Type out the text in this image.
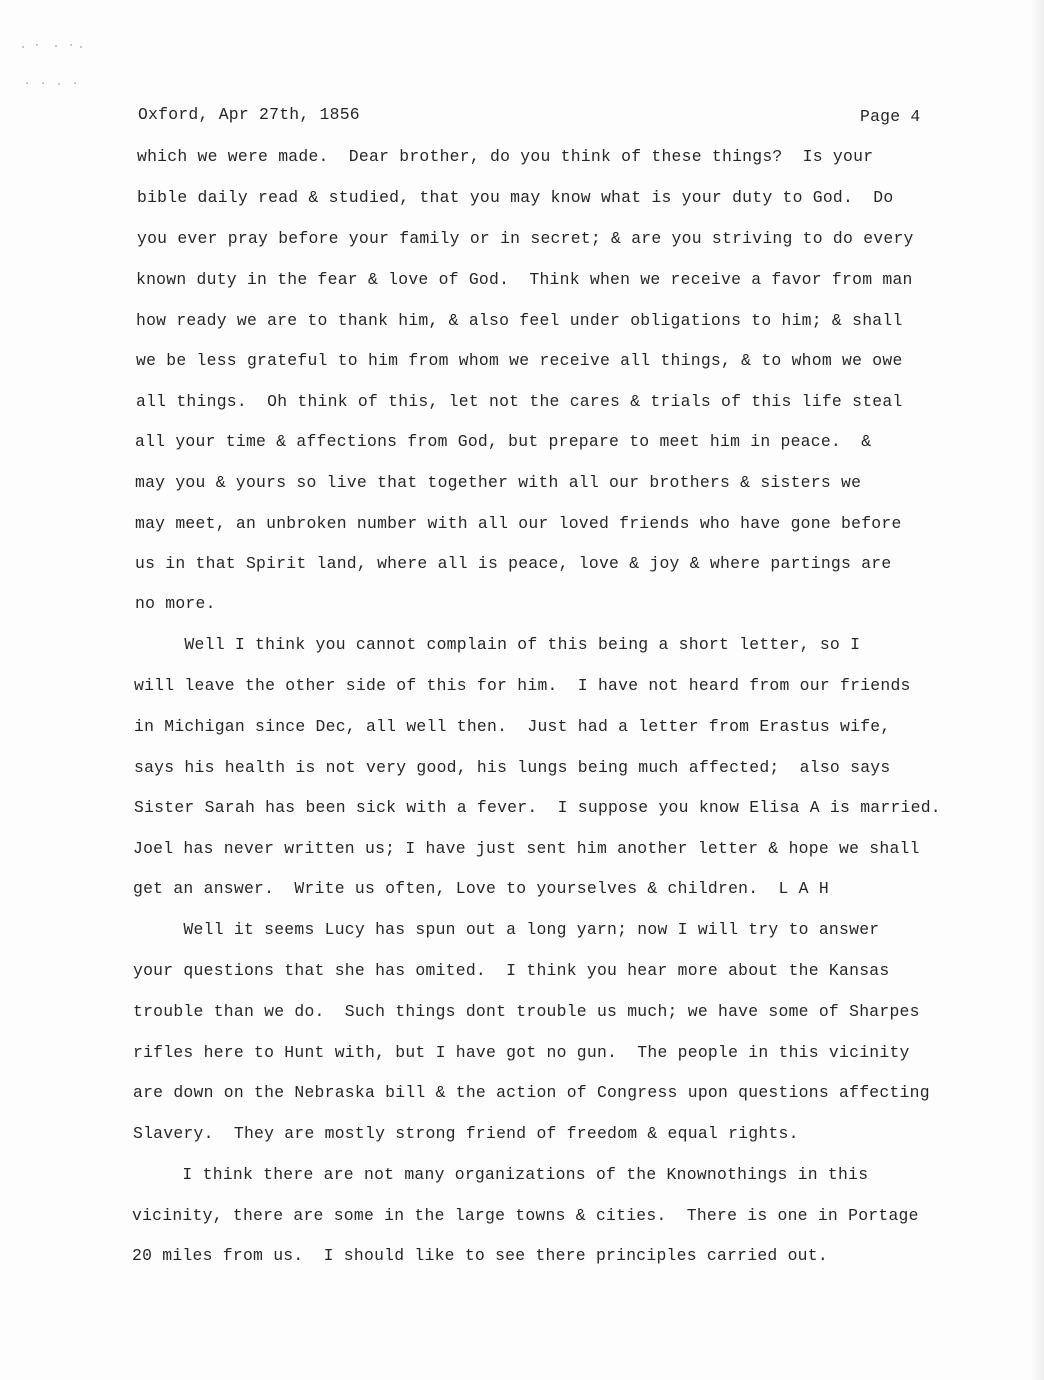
Oxford, Apr 27th, 1856	Page 4
which we were made.  Dear brother, do you think of these things?  Is your
bible daily read & studied, that you may know what is your duty to God.  Do
you ever pray before your family or in secret; & are you striving to do every
known duty in the fear & love of God.  Think when we receive a favor from man
how ready we are to thank him, & also feel under obligations to him; & shall
we be less grateful to him from whom we receive all things, & to whom we owe
all things.  Oh think of this, let not the cares & trials of this life steal
all your time & affections from God, but prepare to meet him in peace.  &
may you & yours so live that together with all our brothers & sisters we
may meet, an unbroken number with all our loved friends who have gone before
us in that Spirit land, where all is peace, love & joy & where partings are
no more.
Well I think you cannot complain of this being a short letter, so I
will leave the other side of this for him.  I have not heard from our friends
in Michigan since Dec, all well then.  Just had a letter from Erastus wife,
says his health is not very good, his lungs being much affected;  also says
Sister Sarah has been sick with a fever.  I suppose you know Elisa A is married.
Joel has never written us; I have just sent him another letter & hope we shall
get an answer.  Write us often, Love to yourselves & children.  L A H
Well it seems Lucy has spun out a long yarn; now I will try to answer
your questions that she has omited.  I think you hear more about the Kansas
trouble than we do.  Such things dont trouble us much; we have some of Sharpes
rifles here to Hunt with, but I have got no gun.  The people in this vicinity
are down on the Nebraska bill & the action of Congress upon questions affecting
Slavery.  They are mostly strong friend of freedom & equal rights.
I think there are not many organizations of the Knownothings in this
vicinity, there are some in the large towns & cities.  There is one in Portage
20 miles from us.  I should like to see there principles carried out.
